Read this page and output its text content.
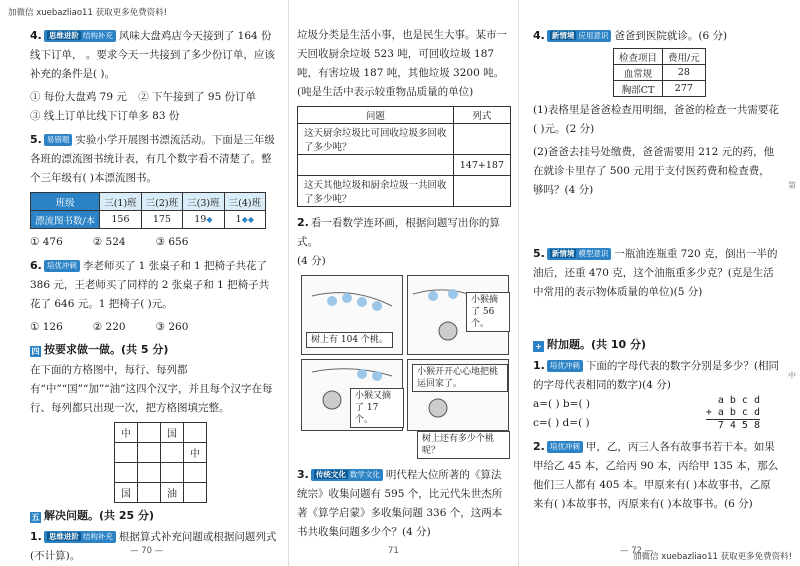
加微信 xuebazliao11 获取更多免费资料!
加微信 xuebazliao11 获取更多免费资料!
4. 思维进阶 结构补充 风味大盘鸡店今天接到了 164 份线下订单， 。要求今天一共接到了多少份订单，应该补充的条件是( )。
① 每份大盘鸡 79 元 ② 下午接到了 95 份订单
③ 线上订单比线下订单多 83 份
5. 易错题 实验小学开展图书漂流活动。下面是三年级各班的漂流图书统计表，有几个数字看不清楚了。整个三年级有( )本漂流图书。
班级	三(1)班	三(2)班	三(3)班	三(4)班
漂流图书数/本	156	175	19◆	1◆◆
① 476	② 524	③ 656
6. 培优冲刺 李老师买了 1 张桌子和 1 把椅子共花了 386 元，王老师买了同样的 2 张桌子和 1 把椅子共花了 646 元。1 把椅子( )元。
① 126	② 220	③ 260
四 按要求做一做。(共 5 分)
在下面的方格图中，每行、每列都有“中”“国”“加”“油”这四个汉字，并且每个汉字在每行、每列都只出现一次，把方格图填完整。
中		国	
			中

国		油	
五 解决问题。(共 25 分)
1. 思维进阶 结构补充 根据算式补充问题或根据问题列式(不计算)。	— 70 —
垃圾分类是生活小事，也是民生大事。某市一天回收厨余垃圾 523 吨，可回收垃圾 187 吨，有害垃圾 187 吨，其他垃圾 3200 吨。(吨是生活中表示较重物品质量的单位)
问题	列式
这天厨余垃圾比可回收垃圾多回收了多少吨？	
	147+187
这天其他垃圾和厨余垃圾一共回收了多少吨？	
2. 看一看数学连环画，根据问题写出你的算式。
(4 分)
树上有 104 个桃。
小猴摘了 56 个。
小猴又摘了 17 个。
小猴开开心心地把桃运回家了。
树上还有多少个桃呢？
3. 传统文化 数学文化 明代程大位所著的《算法统宗》收集问题有 595 个，比元代朱世杰所著《算学启蒙》多收集问题 336 个，这两本书共收集问题多少个？(4 分)
71
4. 新情境 应用意识 爸爸到医院就诊。(6 分)
检查项目	费用/元
血常规	28
胸部CT	277
(1)表格里是爸爸检查用明细，爸爸的检查一共需要花( )元。(2 分)
(2)爸爸去挂号处缴费，爸爸需要用 212 元的药，他在就诊卡里存了 500 元用于支付医药费和检查费，够吗？(4 分)
5. 新情境 模型意识 一瓶油连瓶重 720 克，倒出一半的油后，还重 470 克，这个油瓶重多少克？(克是生活中常用的表示物体质量的单位)(5 分)
+ 附加题。(共 10 分)
1. 培优冲刺 下面的字母代表的数字分别是多少？(相同的字母代表相同的数字)(4 分)
a=( ) b=( )
c=( ) d=( )
a b c d
+ a b c d
7 4 5 8
2. 培优冲刺 甲，乙，丙三人各有故事书若干本。如果甲给乙 45 本，乙给丙 90 本，丙给甲 135 本，那么他们三人都有 405 本。甲原来有( )本故事书，乙原来有( )本故事书，丙原来有( )本故事书。(6 分)
— 72 —
第
中
